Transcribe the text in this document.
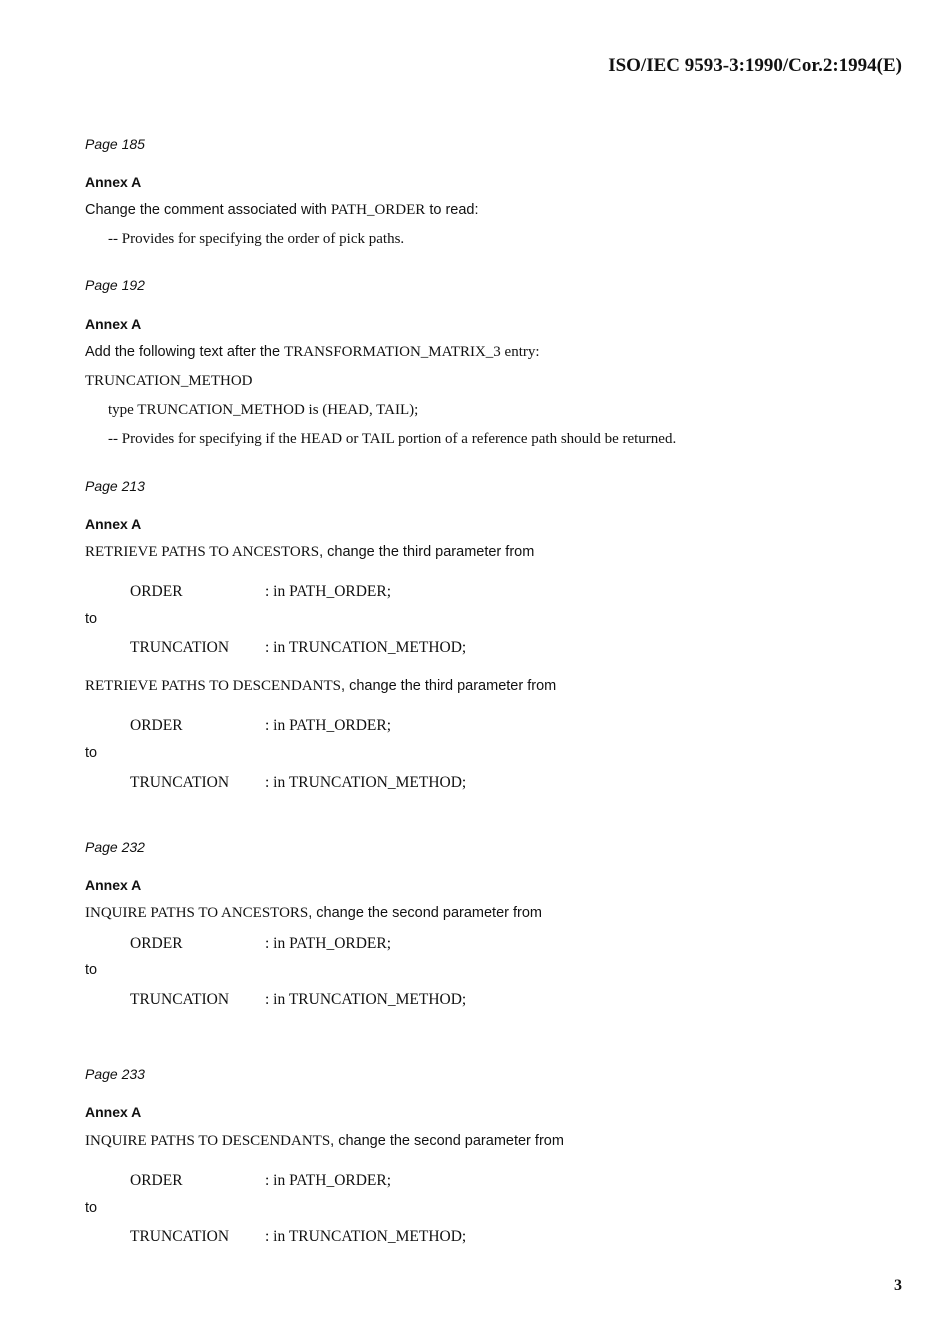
ISO/IEC 9593-3:1990/Cor.2:1994(E)
Page 185
Annex A
Change the comment associated with PATH_ORDER to read:
-- Provides for specifying the order of pick paths.
Page 192
Annex A
Add the following text after the TRANSFORMATION_MATRIX_3 entry:
TRUNCATION_METHOD
type TRUNCATION_METHOD is (HEAD, TAIL);
-- Provides for specifying if the HEAD or TAIL portion of a reference path should be returned.
Page 213
Annex A
RETRIEVE PATHS TO ANCESTORS, change the third parameter from
ORDER	: in PATH_ORDER;
to
TRUNCATION : in TRUNCATION_METHOD;
RETRIEVE PATHS TO DESCENDANTS, change the third parameter from
ORDER	: in PATH_ORDER;
to
TRUNCATION : in TRUNCATION_METHOD;
Page 232
Annex A
INQUIRE PATHS TO ANCESTORS, change the second parameter from
ORDER	: in PATH_ORDER;
to
TRUNCATION : in TRUNCATION_METHOD;
Page 233
Annex A
INQUIRE PATHS TO DESCENDANTS, change the second parameter from
ORDER	: in PATH_ORDER;
to
TRUNCATION : in TRUNCATION_METHOD;
3
